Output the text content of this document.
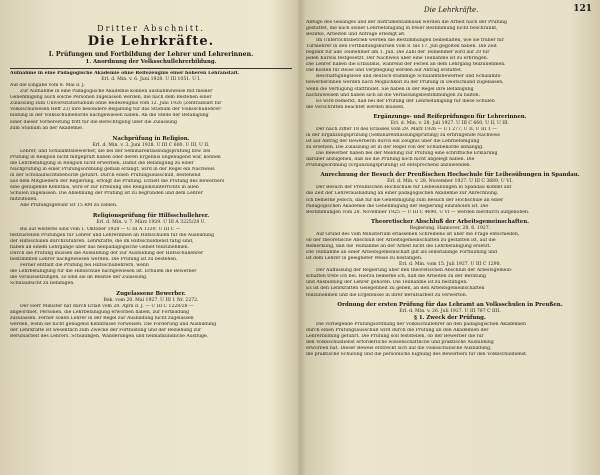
Dritter Abschnitt.
Die Lehrkräfte.
I. Prüfungen und Fortbildung der Lehrer und Lehrerinnen.
1. Anordnung der Volksschullehrerbildung.
Aufnahme in eine Pädagogische Akademie ohne Reifezeugnis einer höheren Lehranstalt.
Erl. d. Min. v. 6. Juni 1928. U III 1051. U I.
Auf die Eingabe vom 8. Mai d. J.
Zur Aufnahme in eine Pädagogische Akademie können ausnahmsweise mit meiner
Genehmigung auch solche Personen zugelassen werden, die nach dem Bestehen einer
Zulassung zum Universitätsstudium ohne Reifezeugnis vom 12. Juni 1926 (Zentralblatt für
Volksschulwesen Heft 23) ihre besondere Begabung für das Studium der Volksschullehrer-
bildung in der Volksschulbehörde nachgewiesen haben. An die Stelle der Befähigung
einer dieser Vorbereitung tritt für die Berechtigung über die Zulassung
zum Studium an der Akademie.
Nachprüfung in Religion.
Erl. d. Min. v. 3. Juni 1928. U III C 600. U III, U II.
Lehrer, und Schulamtsbewerber, die bei der Seminarentlassungsprüfung bzw. bei
Prüfung in Religion nicht mitgeprüft haben oder deren Ergebnis ungenügend war, können
die Lehrbefähigung in Religion nicht erwerben. Damit die Befähigung zu einer
Nachprüfung in einer Prüfungsordnung gemäß erlangt, wird in der Regel ein Nachweis
in der Schulaufsichtsbehörde geführt. Durch einen Prüfungsausschuß, bestehend
aus dem Mitgliedern der Regierung, erfolgt die Prüfung. Erzielt die Prüfung des Bewerbers
eine genügende Kenntnis, wird er zur Erteilung des Religionsunterrichts in allen
Schulen zugelassen. Die Ablehnung der Prüfung ist zu begründen und dem Lehrer
mitzuteilen.
Alle Prüfungsgebühr ist 15 RM zu zahlen.
Religionsprüfung für Hilfsschullehrer.
Erl. d. Min. v. 7. März 1929. U III A 3225/28 U.
Bis auf weiteres sind vom 1. Oktober 1928 — U III A 1339, U III C —
festzustellen Prüfungen für Lehrer und Lehrerinnen an Hilfsschulen für die Ausbildung
der Hilfsschulen durchzuführen. Lehrkräfte, die im Hilfsschuldienst tätig sind,
haben an einem Lehrgange über das heilpädagogische Gebiet teilzunehmen.
Durch die Prüfung müssen die Ausbildung der zur Ausbildung der Hilfsschullehrer
bestimmten Lehrer nachgewiesen werden. Die Prüfung ist zu bestehen.
Ferner entfällt die Prüfung bei Hilfsschullehrern, wenn
die Lehrbefähigung für die Hilfsschule nachgewiesen ist. Erfüllen die Bewerber
die Voraussetzungen, so sind sie im Besitze der Zulassung.
Schulaufsicht zu befähigen.
Zugelassene Bewerber.
Bek. vom 20. Mai 1927. U III 1 Nr. 2272.
Der Herr Minister hat durch Erlaß vom 28. April d. J. — U III C 1228/28 —
angeordnet, Personen, die Lehrbefähigung erworben haben, zur Fortbildung
zuzulassen. Ferner sollen Lehrer in der Regel zur Ausbildung nicht zugelassen
werden, wenn sie nicht genügend Kenntnisse vorweisen. Die Förderung und Ausbildung
der Lehrkräfte ist wesentlich zum Zwecke der Fortbildung und der Beziehung zur
Berufsarbeit des Lehrers. Schulungen, Wanderungen und heimatkundliche Ausflüge.
Die Lehrkräfte.	121
Abfuge des Gesanges und der Instrumentalmusik werden die Arbeit nach der Prüfung
gestattet, die nach seiner Lehrbefähigung in freier Bestimmung nicht beschränkt,
Bezirke, Arbeiten und Anträge erledigt ist.
Im Unterrichtsbetrieb werden die Bestimmungen beibehalten, wie sie früher für
Turnlehrer in den Fortbildungskursen vom 8. bis 17. Juli gegolten haben. Die Zeit
beginnt für alle Teilnehmer am 1. Juli. Die Zahl der Teilnehmer wird auf 20 für
jeden Kursus festgesetzt. Der Nachweis über eine Teilnahme ist zu erbringen.
Die Lehrer haben die Erlaubnis, während der Ferien an dem Lehrgang teilzunehmen.
Die Kosten für Reise und Verpflegung werden auf Antrag erstattet.
Beschäftigungslose und deutsch-stämmige Schulamtsbewerber und Schulamts-
bewerberinnen werden nach Möglichkeit zu der Prüfung in Deutschland zugelassen,
wenn die Verfügung stattfindet. Sie haben in der Regel ihre Befähigung
nachzuweisen und haben sich an die Verfassungsbestimmungen zu halten.
Es wird bemerkt, daß bei der Prüfung der Lehrbefähigung für diese Schulen
die Vorschriften beachtet werden müssen.
Ergänzungs- und Reifeprüfungen für Lehrerinnen.
Erl. d. Min. v. 28. Juli 1927. U III C 660, U II, U III.
Der nach Ziffer 18 des Erlasses vom 29. März 1926 — U I 277, U II, U III 1 —
in der Ergänzungsprüfung (Seminarentlassungsprüfung) zu erbringende Nachweis
ist auf Antrag der Bewerberin durch ein Zeugnis über die Lehrbefähigung
zu ersetzen. Die Zulassung ist in der Regel von der Schulbehörde abhängig.
Die Bewerber haben bei der Meldung zur Prüfung eine schriftliche Erklärung
darüber abzugeben, daß sie die Prüfung noch nicht abgelegt haben. Die
Prüfungsordnung (Ergänzungsprüfung) ist entsprechend anzuwenden.
Anrechnung der Besuch der Preußischen Hochschule für Leibesübungen in Spandau.
Erl. d. Min. v. 28. November 1927. U III C 3689, U VI.
Der Besuch der Preußischen Hochschule für Leibesübungen in Spandau kommt auf
die Zeit der Lehrerausbildung an einer pädagogischen Akademie zur Anrechnung.
Ich bemerke jedoch, daß für die Genehmigung zum Besuch der Hochschule an einer
Pädagogischen Akademie die Genehmigung der Regierung einzuholen ist. Die
Bestimmungen vom 28. November 1925 — U III C 4690, U VI — werden hierdurch aufgehoben.
Theoretischer Abschluß der Arbeitsgemeinschaften.
Regierung. Hannover, 28. 6. 1927.
Auf Grund des vom Ministerium erlassenen Schreibens ist über die Frage entschieden,
ob der theoretische Abschluß der Arbeitsgemeinschaften zu gestatten ist, auf die
Bemerkung, daß die Teilnahme an der Arbeit nicht die Lehrbefähigung ersetzt.
Die Teilnahme an einer Arbeitsgemeinschaft gilt als selbständige Fortbildung und
ist dem Lehrer in geeigneter Weise zu bestätigen.
Erl. d. Min. vom 15. Juli 1927. U III C 1290.
Der Auffassung der Regierung über den theoretischen Abschluß der Arbeitsgemein-
schaften trete ich bei. Hierzu bemerke ich, daß die Arbeiten zu der Beratung
und Ausbildung der Lehrer gehören. Die Teilnahme ist zu bestätigen.
Es ist den Lehrkräften Gelegenheit zu geben, an den Arbeitsgemeinschaften
teilzunehmen und die Ergebnisse in ihrer Berufsarbeit zu verwerten.
Ordnung der ersten Prüfung für das Lehramt an Volksschulen in Preußen.
Erl. d. Min. v. 26. Juli 1927. U III 787 C IIII.
§ 1. Zweck der Prüfung.
Die vorliegende Prüfungsordnung der Volksschullehrer an den pädagogischen Akademien
durch einen Prüfungsausschuß wird durch die Prüfung an den Akademien der
Lehrerbildung geführt. Die Prüfung soll feststellen, ob der Bewerber die für
den Volksschuldienst erforderliche wissenschaftliche und praktische Ausbildung
erworben hat. Dieser Beweis erstreckt sich auf die volksschulische Ausbildung,
die praktische Schulung und die persönliche Eignung des Bewerbers für den Volksschuldienst.
